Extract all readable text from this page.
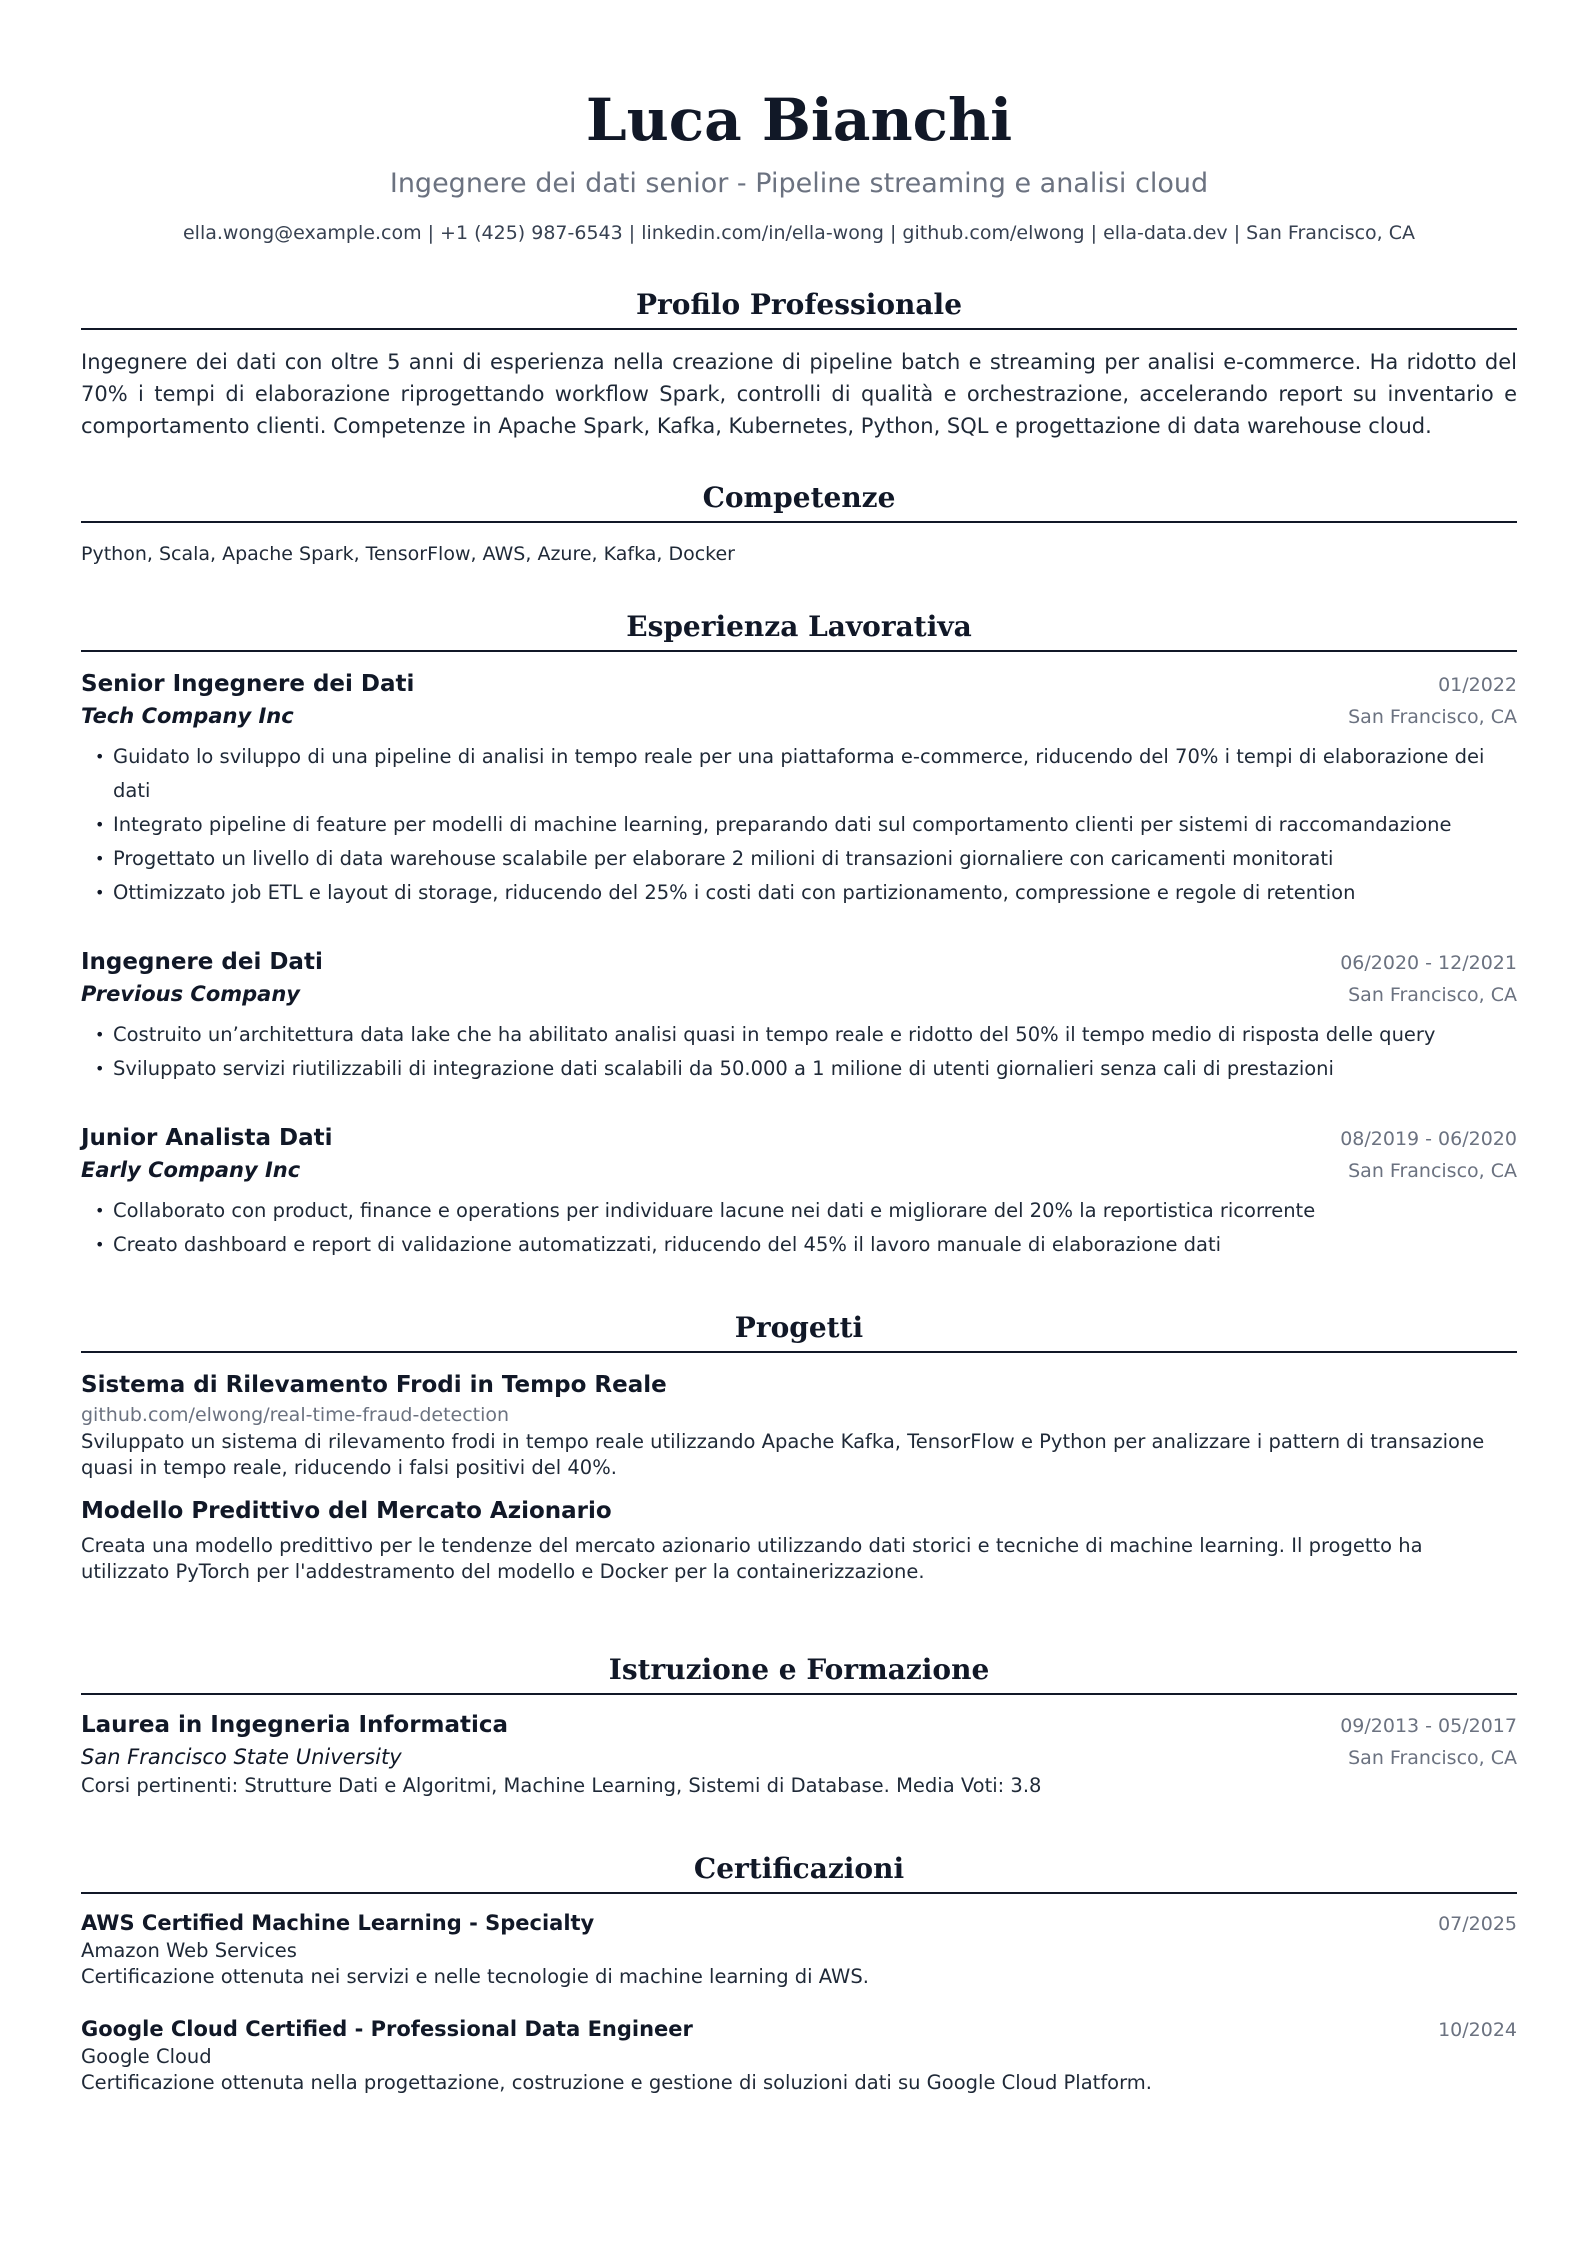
Luca Bianchi
Ingegnere dei dati senior - Pipeline streaming e analisi cloud
ella.wong@example.com | +1 (425) 987-6543 | linkedin.com/in/ella-wong | github.com/elwong | ella-data.dev | San Francisco, CA
Profilo Professionale
Ingegnere dei dati con oltre 5 anni di esperienza nella creazione di pipeline batch e streaming per analisi e-commerce. Ha ridotto del 70% i tempi di elaborazione riprogettando workflow Spark, controlli di qualità e orchestrazione, accelerando report su inventario e comportamento clienti. Competenze in Apache Spark, Kafka, Kubernetes, Python, SQL e progettazione di data warehouse cloud.
Competenze
Python, Scala, Apache Spark, TensorFlow, AWS, Azure, Kafka, Docker
Esperienza Lavorativa
Senior Ingegnere dei Dati	01/2022
Tech Company Inc	San Francisco, CA
• Guidato lo sviluppo di una pipeline di analisi in tempo reale per una piattaforma e-commerce, riducendo del 70% i tempi di elaborazione dei dati
• Integrato pipeline di feature per modelli di machine learning, preparando dati sul comportamento clienti per sistemi di raccomandazione
• Progettato un livello di data warehouse scalabile per elaborare 2 milioni di transazioni giornaliere con caricamenti monitorati
• Ottimizzato job ETL e layout di storage, riducendo del 25% i costi dati con partizionamento, compressione e regole di retention
Ingegnere dei Dati	06/2020 - 12/2021
Previous Company	San Francisco, CA
• Costruito un’architettura data lake che ha abilitato analisi quasi in tempo reale e ridotto del 50% il tempo medio di risposta delle query
• Sviluppato servizi riutilizzabili di integrazione dati scalabili da 50.000 a 1 milione di utenti giornalieri senza cali di prestazioni
Junior Analista Dati	08/2019 - 06/2020
Early Company Inc	San Francisco, CA
• Collaborato con product, finance e operations per individuare lacune nei dati e migliorare del 20% la reportistica ricorrente
• Creato dashboard e report di validazione automatizzati, riducendo del 45% il lavoro manuale di elaborazione dati
Progetti
Sistema di Rilevamento Frodi in Tempo Reale
github.com/elwong/real-time-fraud-detection
Sviluppato un sistema di rilevamento frodi in tempo reale utilizzando Apache Kafka, TensorFlow e Python per analizzare i pattern di transazione quasi in tempo reale, riducendo i falsi positivi del 40%.
Modello Predittivo del Mercato Azionario
Creata una modello predittivo per le tendenze del mercato azionario utilizzando dati storici e tecniche di machine learning. Il progetto ha utilizzato PyTorch per l'addestramento del modello e Docker per la containerizzazione.
Istruzione e Formazione
Laurea in Ingegneria Informatica	09/2013 - 05/2017
San Francisco State University	San Francisco, CA
Corsi pertinenti: Strutture Dati e Algoritmi, Machine Learning, Sistemi di Database. Media Voti: 3.8
Certificazioni
AWS Certified Machine Learning - Specialty	07/2025
Amazon Web Services
Certificazione ottenuta nei servizi e nelle tecnologie di machine learning di AWS.
Google Cloud Certified - Professional Data Engineer	10/2024
Google Cloud
Certificazione ottenuta nella progettazione, costruzione e gestione di soluzioni dati su Google Cloud Platform.
